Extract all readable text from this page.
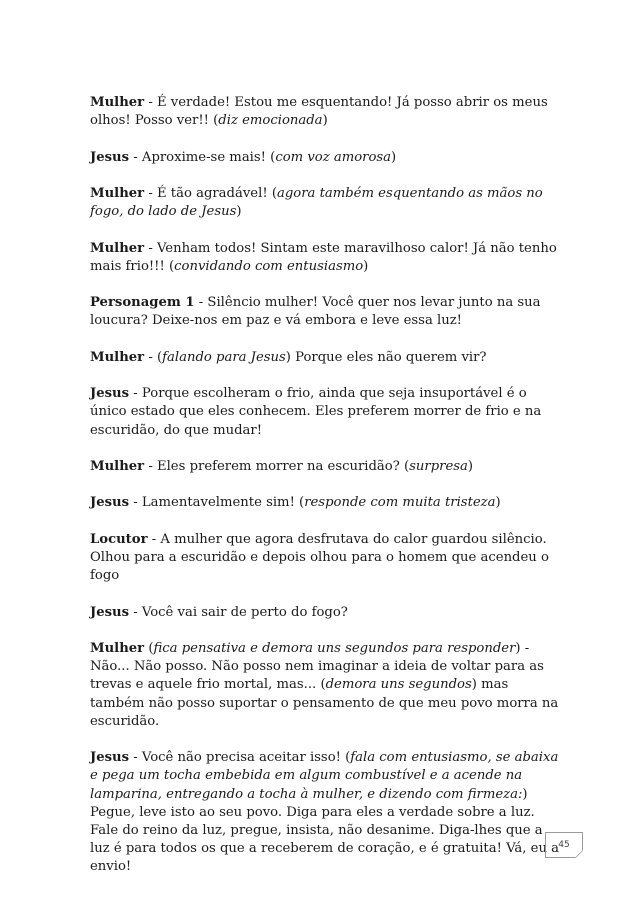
Mulher - É verdade! Estou me esquentando! Já posso abrir os meus olhos! Posso ver!! (diz emocionada)

Jesus - Aproxime-se mais! (com voz amorosa)

Mulher - É tão agradável! (agora também esquentando as mãos no fogo, do lado de Jesus)

Mulher - Venham todos! Sintam este maravilhoso calor! Já não tenho mais frio!!! (convidando com entusiasmo)

Personagem 1 - Silêncio mulher! Você quer nos levar junto na sua loucura? Deixe-nos em paz e vá embora e leve essa luz!

Mulher - (falando para Jesus) Porque eles não querem vir?

Jesus - Porque escolheram o frio, ainda que seja insuportável é o único estado que eles conhecem. Eles preferem morrer de frio e na escuridão, do que mudar!

Mulher - Eles preferem morrer na escuridão? (surpresa)

Jesus - Lamentavelmente sim! (responde com muita tristeza)

Locutor - A mulher que agora desfrutava do calor guardou silêncio. Olhou para a escuridão e depois olhou para o homem que acendeu o fogo

Jesus - Você vai sair de perto do fogo?

Mulher (fica pensativa e demora uns segundos para responder) - Não... Não posso. Não posso nem imaginar a ideia de voltar para as trevas e aquele frio mortal, mas... (demora uns segundos) mas também não posso suportar o pensamento de que meu povo morra na escuridão.

Jesus - Você não precisa aceitar isso! (fala com entusiasmo, se abaixa e pega um tocha embebida em algum combustível e a acende na lamparina, entregando a tocha à mulher, e dizendo com firmeza:) Pegue, leve isto ao seu povo. Diga para eles a verdade sobre a luz. Fale do reino da luz, pregue, insista, não desanime. Diga-lhes que a luz é para todos os que a receberem de coração, e é gratuita! Vá, eu a envio!

45
